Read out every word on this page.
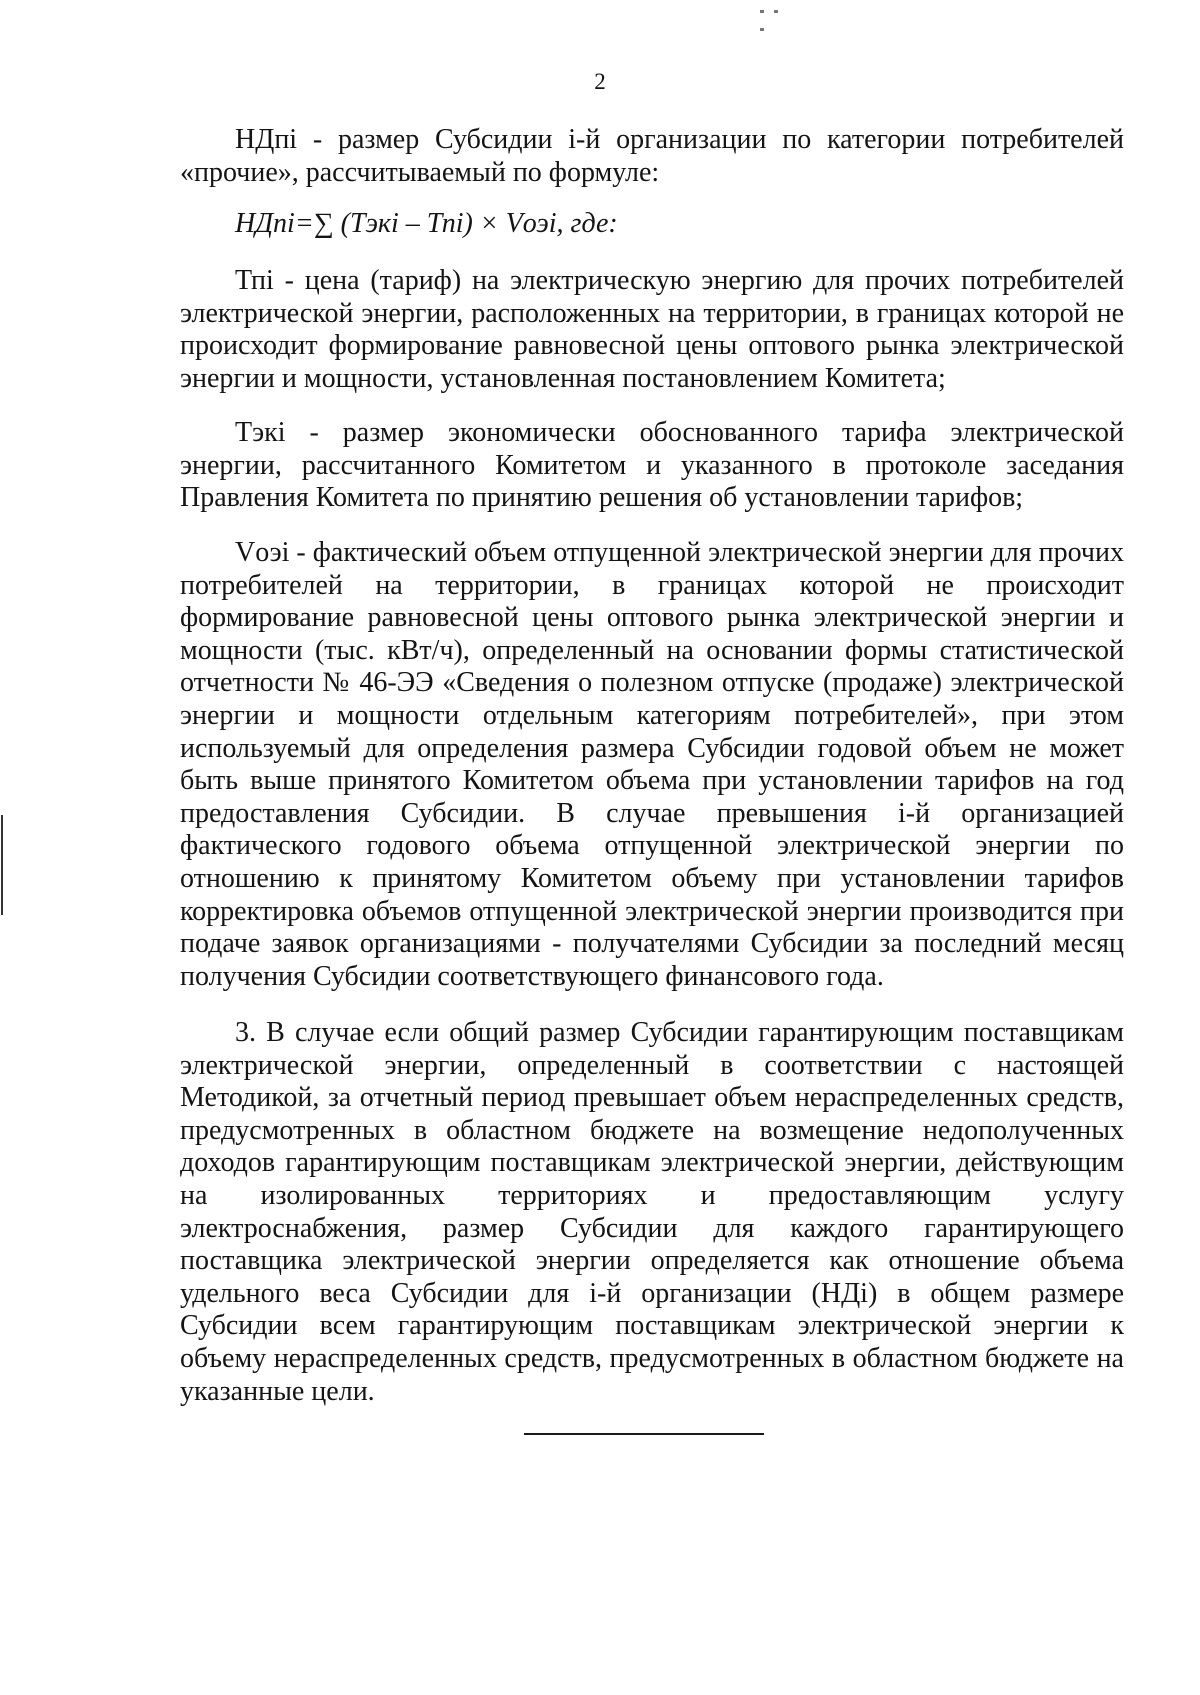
2

НДпі - размер Субсидии і-й организации по категории потребителей «прочие», рассчитываемый по формуле:

НДпі=∑ (Тэкі – Тпі) × Vоэі, где:

Тпі - цена (тариф) на электрическую энергию для прочих потребителей электрической энергии, расположенных на территории, в границах которой не происходит формирование равновесной цены оптового рынка электрической энергии и мощности, установленная постановлением Комитета;

Тэкі - размер экономически обоснованного тарифа электрической энергии, рассчитанного Комитетом и указанного в протоколе заседания Правления Комитета по принятию решения об установлении тарифов;

Vоэі - фактический объем отпущенной электрической энергии для прочих потребителей на территории, в границах которой не происходит формирование равновесной цены оптового рынка электрической энергии и мощности (тыс. кВт/ч), определенный на основании формы статистической отчетности № 46-ЭЭ «Сведения о полезном отпуске (продаже) электрической энергии и мощности отдельным категориям потребителей», при этом используемый для определения размера Субсидии годовой объем не может быть выше принятого Комитетом объема при установлении тарифов на год предоставления Субсидии. В случае превышения і-й организацией фактического годового объема отпущенной электрической энергии по отношению к принятому Комитетом объему при установлении тарифов корректировка объемов отпущенной электрической энергии производится при подаче заявок организациями - получателями Субсидии за последний месяц получения Субсидии соответствующего финансового года.

3. В случае если общий размер Субсидии гарантирующим поставщикам электрической энергии, определенный в соответствии с настоящей Методикой, за отчетный период превышает объем нераспределенных средств, предусмотренных в областном бюджете на возмещение недополученных доходов гарантирующим поставщикам электрической энергии, действующим на изолированных территориях и предоставляющим услугу электроснабжения, размер Субсидии для каждого гарантирующего поставщика электрической энергии определяется как отношение объема удельного веса Субсидии для і-й организации (НДі) в общем размере Субсидии всем гарантирующим поставщикам электрической энергии к объему нераспределенных средств, предусмотренных в областном бюджете на указанные цели.
